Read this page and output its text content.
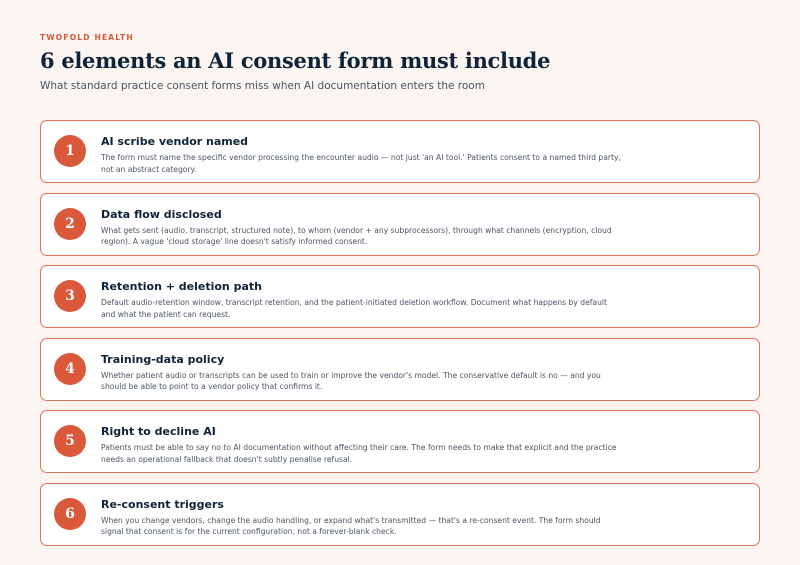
TWOFOLD HEALTH
6 elements an AI consent form must include
What standard practice consent forms miss when AI documentation enters the room
1
AI scribe vendor named
The form must name the specific vendor processing the encounter audio — not just 'an AI tool.' Patients consent to a named third party, not an abstract category.
2
Data flow disclosed
What gets sent (audio, transcript, structured note), to whom (vendor + any subprocessors), through what channels (encryption, cloud region). A vague 'cloud storage' line doesn't satisfy informed consent.
3
Retention + deletion path
Default audio-retention window, transcript retention, and the patient-initiated deletion workflow. Document what happens by default and what the patient can request.
4
Training-data policy
Whether patient audio or transcripts can be used to train or improve the vendor's model. The conservative default is no — and you should be able to point to a vendor policy that confirms it.
5
Right to decline AI
Patients must be able to say no to AI documentation without affecting their care. The form needs to make that explicit and the practice needs an operational fallback that doesn't subtly penalise refusal.
6
Re-consent triggers
When you change vendors, change the audio handling, or expand what's transmitted — that's a re-consent event. The form should signal that consent is for the current configuration, not a forever-blank check.
